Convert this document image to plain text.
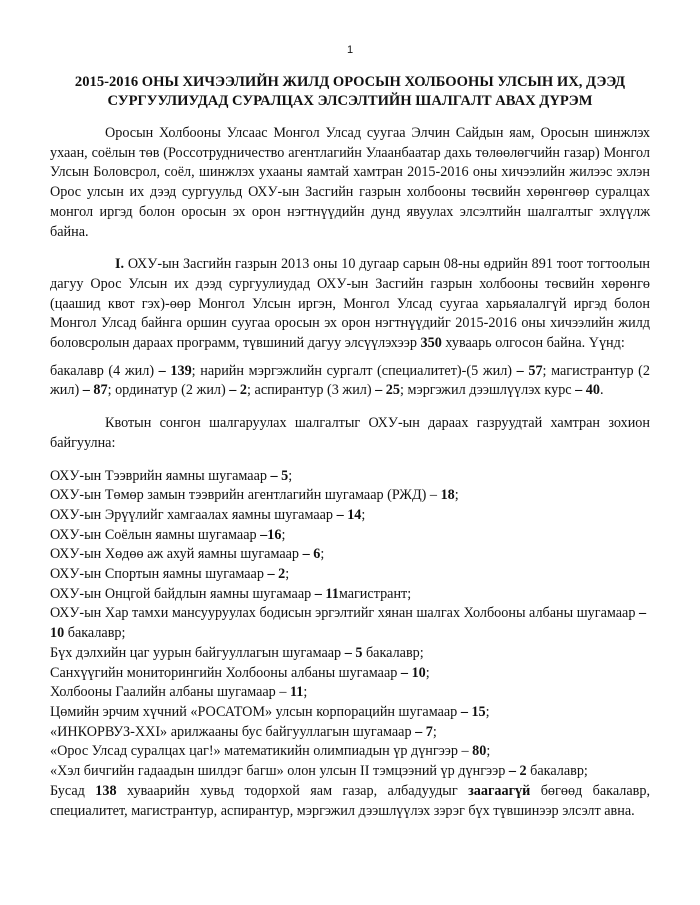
1
2015-2016 ОНЫ ХИЧЭЭЛИЙН ЖИЛД ОРОСЫН ХОЛБООНЫ УЛСЫН ИХ, ДЭЭД
СУРГУУЛИУДАД СУРАЛЦАХ ЭЛСЭЛТИЙН ШАЛГАЛТ АВАХ ДҮРЭМ

Оросын Холбооны Улсаас Монгол Улсад суугаа Элчин Сайдын яам, Оросын шинжлэх ухаан, соёлын төв (Россотрудничество агентлагийн Улаанбаатар дахь төлөөлөгчийн газар) Монгол Улсын Боловсрол, соёл, шинжлэх ухааны яамтай хамтран 2015-2016 оны хичээлийн жилээс эхлэн Орос улсын их дээд сургуульд ОХУ-ын Засгийн газрын холбооны төсвийн хөрөнгөөр суралцах монгол иргэд болон оросын эх орон нэгтнүүдийн дунд явуулах элсэлтийн шалгалтыг эхлүүлж байна.

I. ОХУ-ын Засгийн газрын 2013 оны 10 дугаар сарын 08-ны өдрийн 891 тоот тогтоолын дагуу Орос Улсын их дээд сургуулиудад ОХУ-ын Засгийн газрын холбооны төсвийн хөрөнгө (цаашид квот гэх)-өөр Монгол Улсын иргэн, Монгол Улсад суугаа харьяалалгүй иргэд болон Монгол Улсад байнга оршин суугаа оросын эх орон нэгтнүүдийг 2015-2016 оны хичээлийн жилд боловсролын дараах программ, түвшиний дагуу элсүүлэхээр 350 хуваарь олгосон байна. Үүнд:

бакалавр (4 жил) – 139; нарийн мэргэжлийн сургалт (специалитет)-(5 жил) – 57; магистрантур (2 жил) – 87; ординатур (2 жил) – 2; аспирантур (3 жил) – 25; мэргэжил дээшлүүлэх курс – 40.

Квотын сонгон шалгаруулах шалгалтыг ОХУ-ын дараах газруудтай хамтран зохион байгуулна:

ОХУ-ын Тээврийн яамны шугамаар – 5;

ОХУ-ын Төмөр замын тээврийн агентлагийн шугамаар (РЖД) – 18;

ОХУ-ын Эрүүлийг хамгаалах яамны шугамаар – 14;

ОХУ-ын Соёлын яамны шугамаар –16;

ОХУ-ын Хөдөө аж ахуй яамны шугамаар – 6;

ОХУ-ын Спортын яамны шугамаар – 2;

ОХУ-ын Онцгой байдлын яамны шугамаар – 11магистрант;

ОХУ-ын Хар тамхи мансууруулах бодисын эргэлтийг хянан шалгах Холбооны албаны шугамаар – 10 бакалавр;

Бүх дэлхийн цаг уурын байгууллагын шугамаар – 5 бакалавр;

Санхүүгийн мониторингийн Холбооны албаны шугамаар – 10;

Холбооны Гаалийн албаны шугамаар – 11;

Цөмийн эрчим хүчний «РОСАТОМ» улсын корпорацийн шугамаар – 15;

«ИНКОРВУЗ-XXI» арилжааны бус байгууллагын шугамаар – 7;

«Орос Улсад суралцах цаг!» математикийн олимпиадын үр дүнгээр – 80;

«Хэл бичгийн гадаадын шилдэг багш» олон улсын II тэмцээний үр дүнгээр – 2 бакалавр;

Бусад 138 хуваарийн хувьд тодорхой яам газар, албадуудыг заагаагүй бөгөөд бакалавр, специалитет, магистрантур, аспирантур, мэргэжил дээшлүүлэх зэрэг бүх түвшинээр элсэлт авна.
